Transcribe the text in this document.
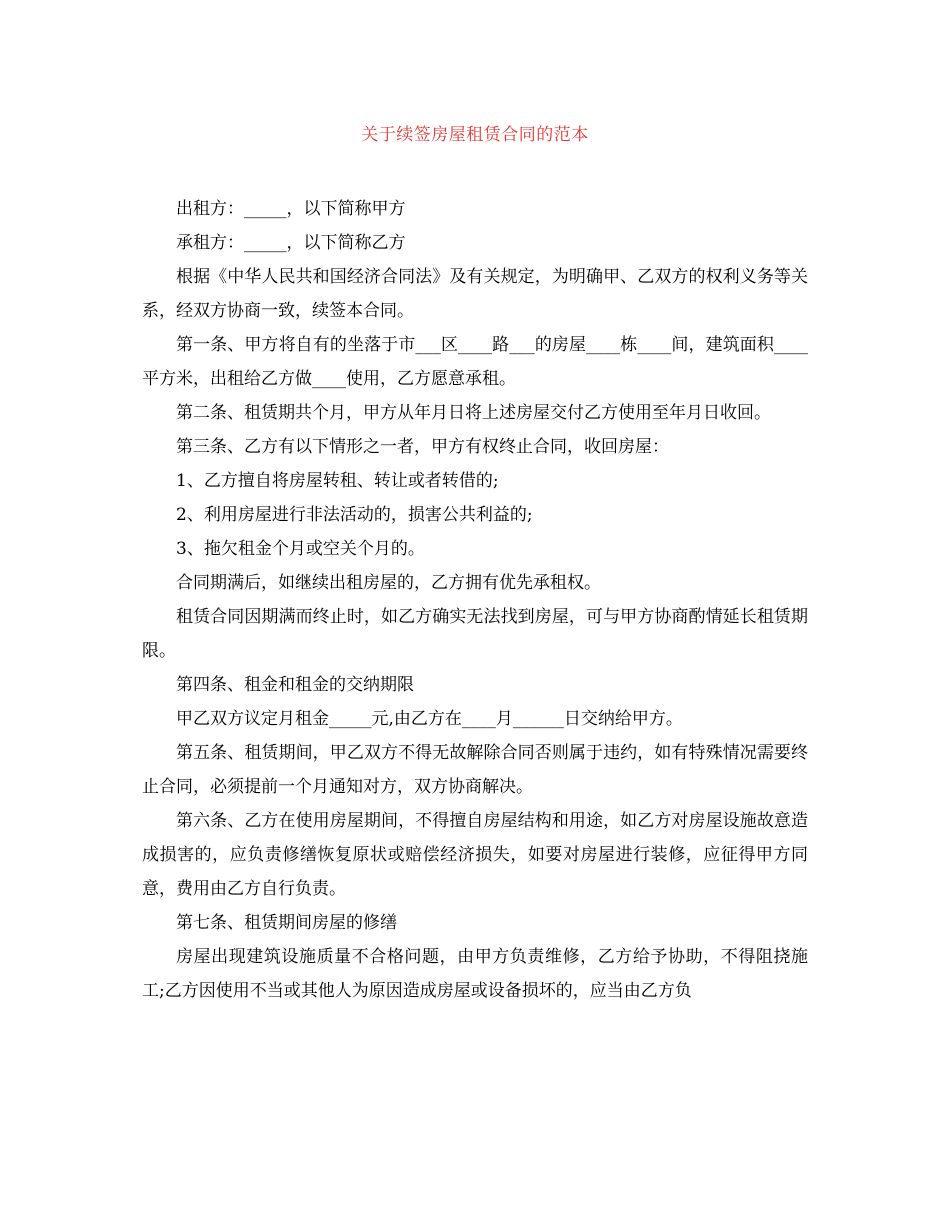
关于续签房屋租赁合同的范本

出租方：_____，以下简称甲方

承租方：_____，以下简称乙方

根据《中华人民共和国经济合同法》及有关规定，为明确甲、乙双方的权利义务等关系，经双方协商一致，续签本合同。

第一条、甲方将自有的坐落于市___区____路___的房屋____栋____间，建筑面积____平方米，出租给乙方做____使用，乙方愿意承租。

第二条、租赁期共个月，甲方从年月日将上述房屋交付乙方使用至年月日收回。

第三条、乙方有以下情形之一者，甲方有权终止合同，收回房屋：

1、乙方擅自将房屋转租、转让或者转借的;

2、利用房屋进行非法活动的，损害公共利益的;

3、拖欠租金个月或空关个月的。

合同期满后，如继续出租房屋的，乙方拥有优先承租权。

租赁合同因期满而终止时，如乙方确实无法找到房屋，可与甲方协商酌情延长租赁期限。

第四条、租金和租金的交纳期限

甲乙双方议定月租金_____元,由乙方在____月______日交纳给甲方。

第五条、租赁期间，甲乙双方不得无故解除合同否则属于违约，如有特殊情况需要终止合同，必须提前一个月通知对方，双方协商解决。

第六条、乙方在使用房屋期间，不得擅自房屋结构和用途，如乙方对房屋设施故意造成损害的，应负责修缮恢复原状或赔偿经济损失，如要对房屋进行装修，应征得甲方同意，费用由乙方自行负责。

第七条、租赁期间房屋的修缮

房屋出现建筑设施质量不合格问题，由甲方负责维修，乙方给予协助，不得阻挠施工;乙方因使用不当或其他人为原因造成房屋或设备损坏的，应当由乙方负
